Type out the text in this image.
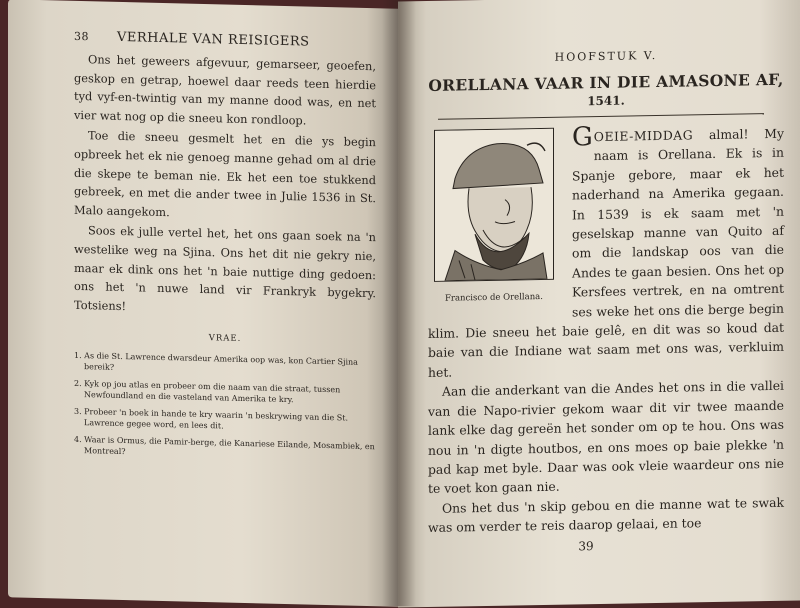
38 VERHALE VAN REISIGERS

Ons het geweers afgevuur, gemarseer, geoefen, geskop en getrap, hoewel daar reeds teen hierdie tyd vyf-en-twintig van my manne dood was, en net vier wat nog op die sneeu kon rondloop.

Toe die sneeu gesmelt het en die ys begin opbreek het ek nie genoeg manne gehad om al drie die skepe te beman nie. Ek het een toe stukkend gebreek, en met die ander twee in Julie 1536 in St. Malo aangekom.

Soos ek julle vertel het, het ons gaan soek na 'n westelike weg na Sjina. Ons het dit nie gekry nie, maar ek dink ons het 'n baie nuttige ding gedoen: ons het 'n nuwe land vir Frankryk bygekry. Totsiens!

VRAE.

1. As die St. Lawrence dwarsdeur Amerika oop was, kon Cartier Sjina bereik?

2. Kyk op jou atlas en probeer om die naam van die straat, tussen Newfoundland en die vasteland van Amerika te kry.

3. Probeer 'n boek in hande te kry waarin 'n beskrywing van die St. Lawrence gegee word, en lees dit.

4. Waar is Ormus, die Pamir-berge, die Kanariese Eilande, Mosambiek, en Montreal?

HOOFSTUK V.
ORELLANA VAAR IN DIE AMASONE AF,
1541.
Francisco de Orellana.
G OEIE-MIDDAG almal! My naam is Orellana. Ek is in Spanje gebore, maar ek het naderhand na Amerika gegaan. In 1539 is ek saam met 'n geselskap manne van Quito af om die landskap oos van die Andes te gaan besien. Ons het op Kersfees vertrek, en na omtrent ses weke het ons die berge begin klim. Die sneeu het baie gelê, en dit was so koud dat baie van die Indiane wat saam met ons was, verkluim het.

Aan die anderkant van die Andes het ons in die vallei van die Napo-rivier gekom waar dit vir twee maande lank elke dag gereën het sonder om op te hou. Ons was nou in 'n digte houtbos, en ons moes op baie plekke 'n pad kap met byle. Daar was ook vleie waardeur ons nie te voet kon gaan nie.

Ons het dus 'n skip gebou en die manne wat te swak was om verder te reis daarop gelaai, en toe

39
